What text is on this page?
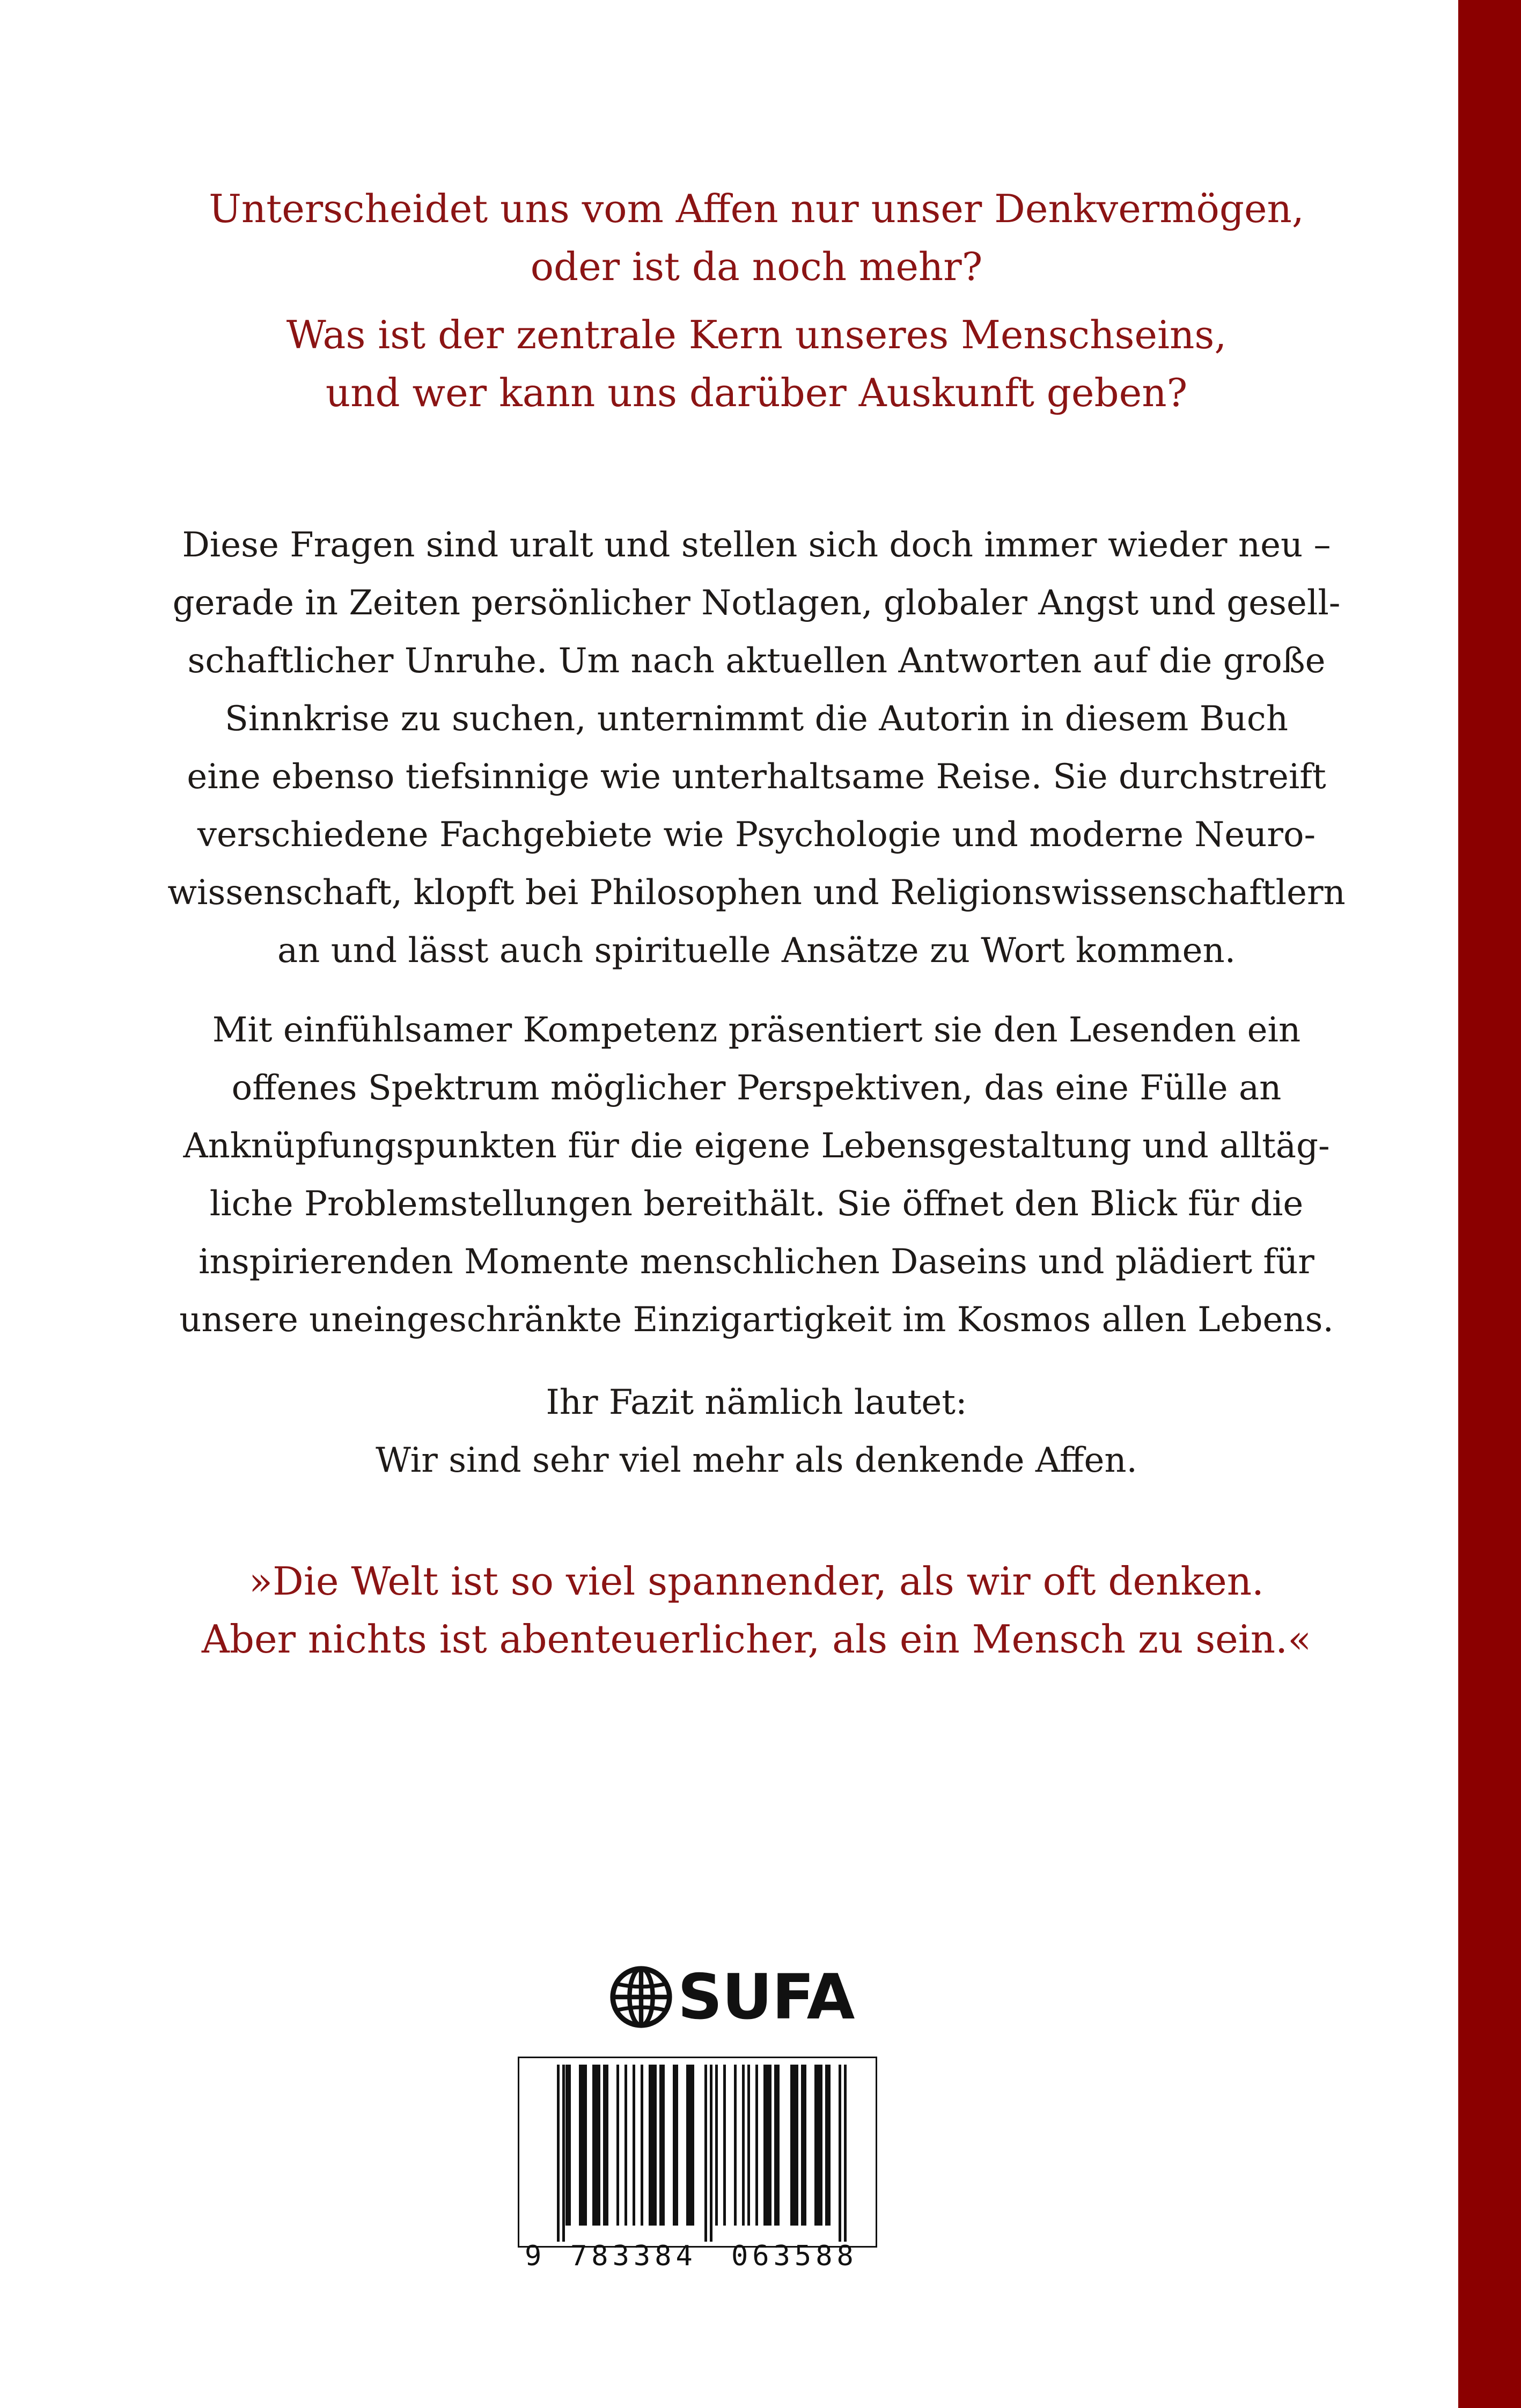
Unterscheidet uns vom Affen nur unser Denkvermögen,
oder ist da noch mehr?
Was ist der zentrale Kern unseres Menschseins,
und wer kann uns darüber Auskunft geben?
Diese Fragen sind uralt und stellen sich doch immer wieder neu –
gerade in Zeiten persönlicher Notlagen, globaler Angst und gesell-
schaftlicher Unruhe. Um nach aktuellen Antworten auf die große
Sinnkrise zu suchen, unternimmt die Autorin in diesem Buch
eine ebenso tiefsinnige wie unterhaltsame Reise. Sie durchstreift
verschiedene Fachgebiete wie Psychologie und moderne Neuro-
wissenschaft, klopft bei Philosophen und Religionswissenschaftlern
an und lässt auch spirituelle Ansätze zu Wort kommen.
Mit einfühlsamer Kompetenz präsentiert sie den Lesenden ein
offenes Spektrum möglicher Perspektiven, das eine Fülle an
Anknüpfungspunkten für die eigene Lebensgestaltung und alltäg-
liche Problemstellungen bereithält. Sie öffnet den Blick für die
inspirierenden Momente menschlichen Daseins und plädiert für
unsere uneingeschränkte Einzigartigkeit im Kosmos allen Lebens.
Ihr Fazit nämlich lautet:
Wir sind sehr viel mehr als denkende Affen.
»Die Welt ist so viel spannender, als wir oft denken.
Aber nichts ist abenteuerlicher, als ein Mensch zu sein.«
SUFA
9 783384 063588
